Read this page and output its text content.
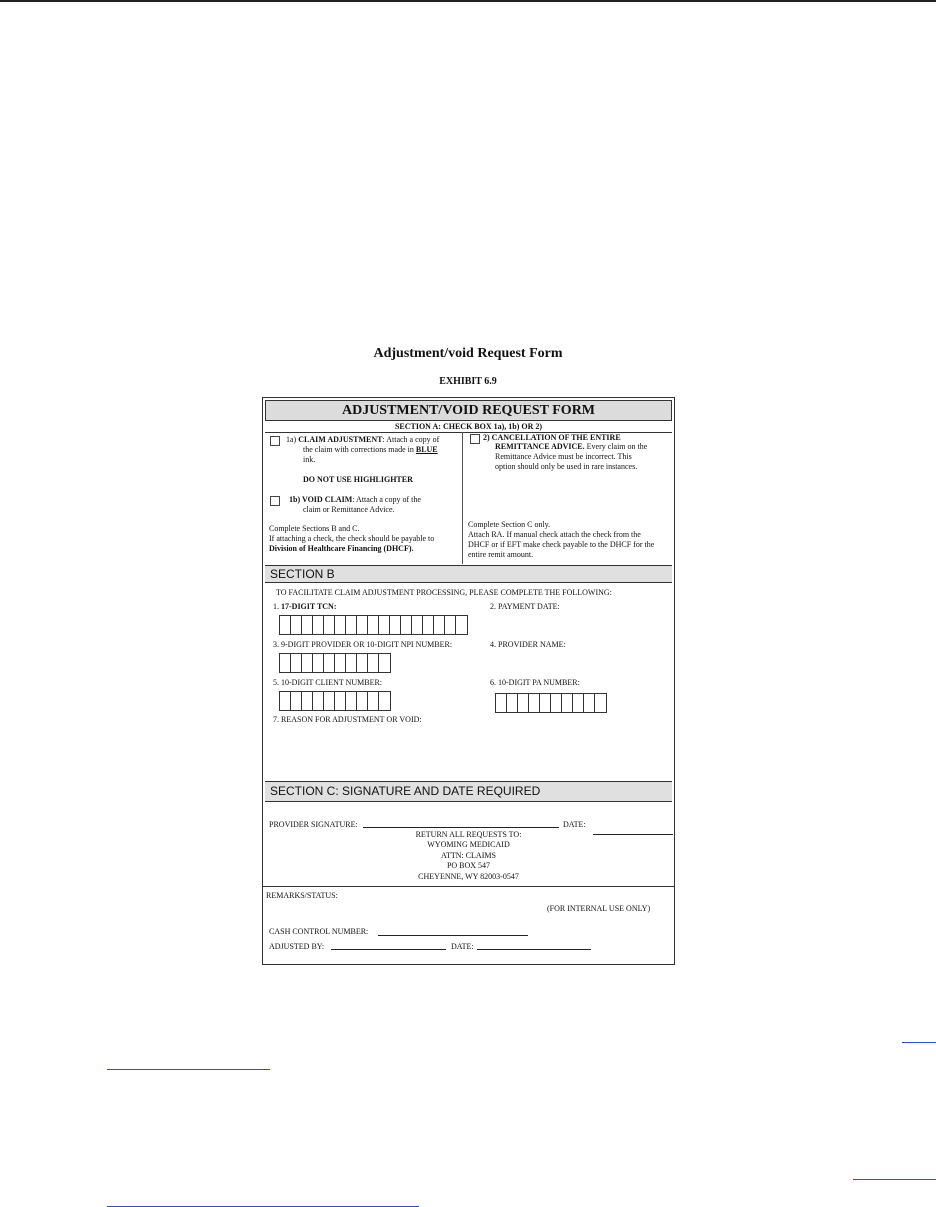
Adjustment/void Request Form
EXHIBIT 6.9
ADJUSTMENT/VOID REQUEST FORM
SECTION A: CHECK BOX 1a), 1b) OR 2)
1a) CLAIM ADJUSTMENT: Attach a copy of
the claim with corrections made in BLUE
ink.
DO NOT USE HIGHLIGHTER
1b) VOID CLAIM: Attach a copy of the
claim or Remittance Advice.
Complete Sections B and C.
If attaching a check, the check should be payable to
Division of Healthcare Financing (DHCF).
2) CANCELLATION OF THE ENTIRE
REMITTANCE ADVICE. Every claim on the
Remittance Advice must be incorrect. This
option should only be used in rare instances.
Complete Section C only.
Attach RA. If manual check attach the check from the
DHCF or if EFT make check payable to the DHCF for the
entire remit amount.
SECTION B
TO FACILITATE CLAIM ADJUSTMENT PROCESSING, PLEASE COMPLETE THE FOLLOWING:
1. 17-DIGIT TCN:	2. PAYMENT DATE:
3. 9-DIGIT PROVIDER OR 10-DIGIT NPI NUMBER:	4. PROVIDER NAME:
5. 10-DIGIT CLIENT NUMBER:	6. 10-DIGIT PA NUMBER:
7. REASON FOR ADJUSTMENT OR VOID:
SECTION C: SIGNATURE AND DATE REQUIRED
PROVIDER SIGNATURE:	DATE:
RETURN ALL REQUESTS TO:
WYOMING MEDICAID
ATTN: CLAIMS
PO BOX 547
CHEYENNE, WY 82003-0547
REMARKS/STATUS:
(FOR INTERNAL USE ONLY)
CASH CONTROL NUMBER:
ADJUSTED BY:	DATE:
